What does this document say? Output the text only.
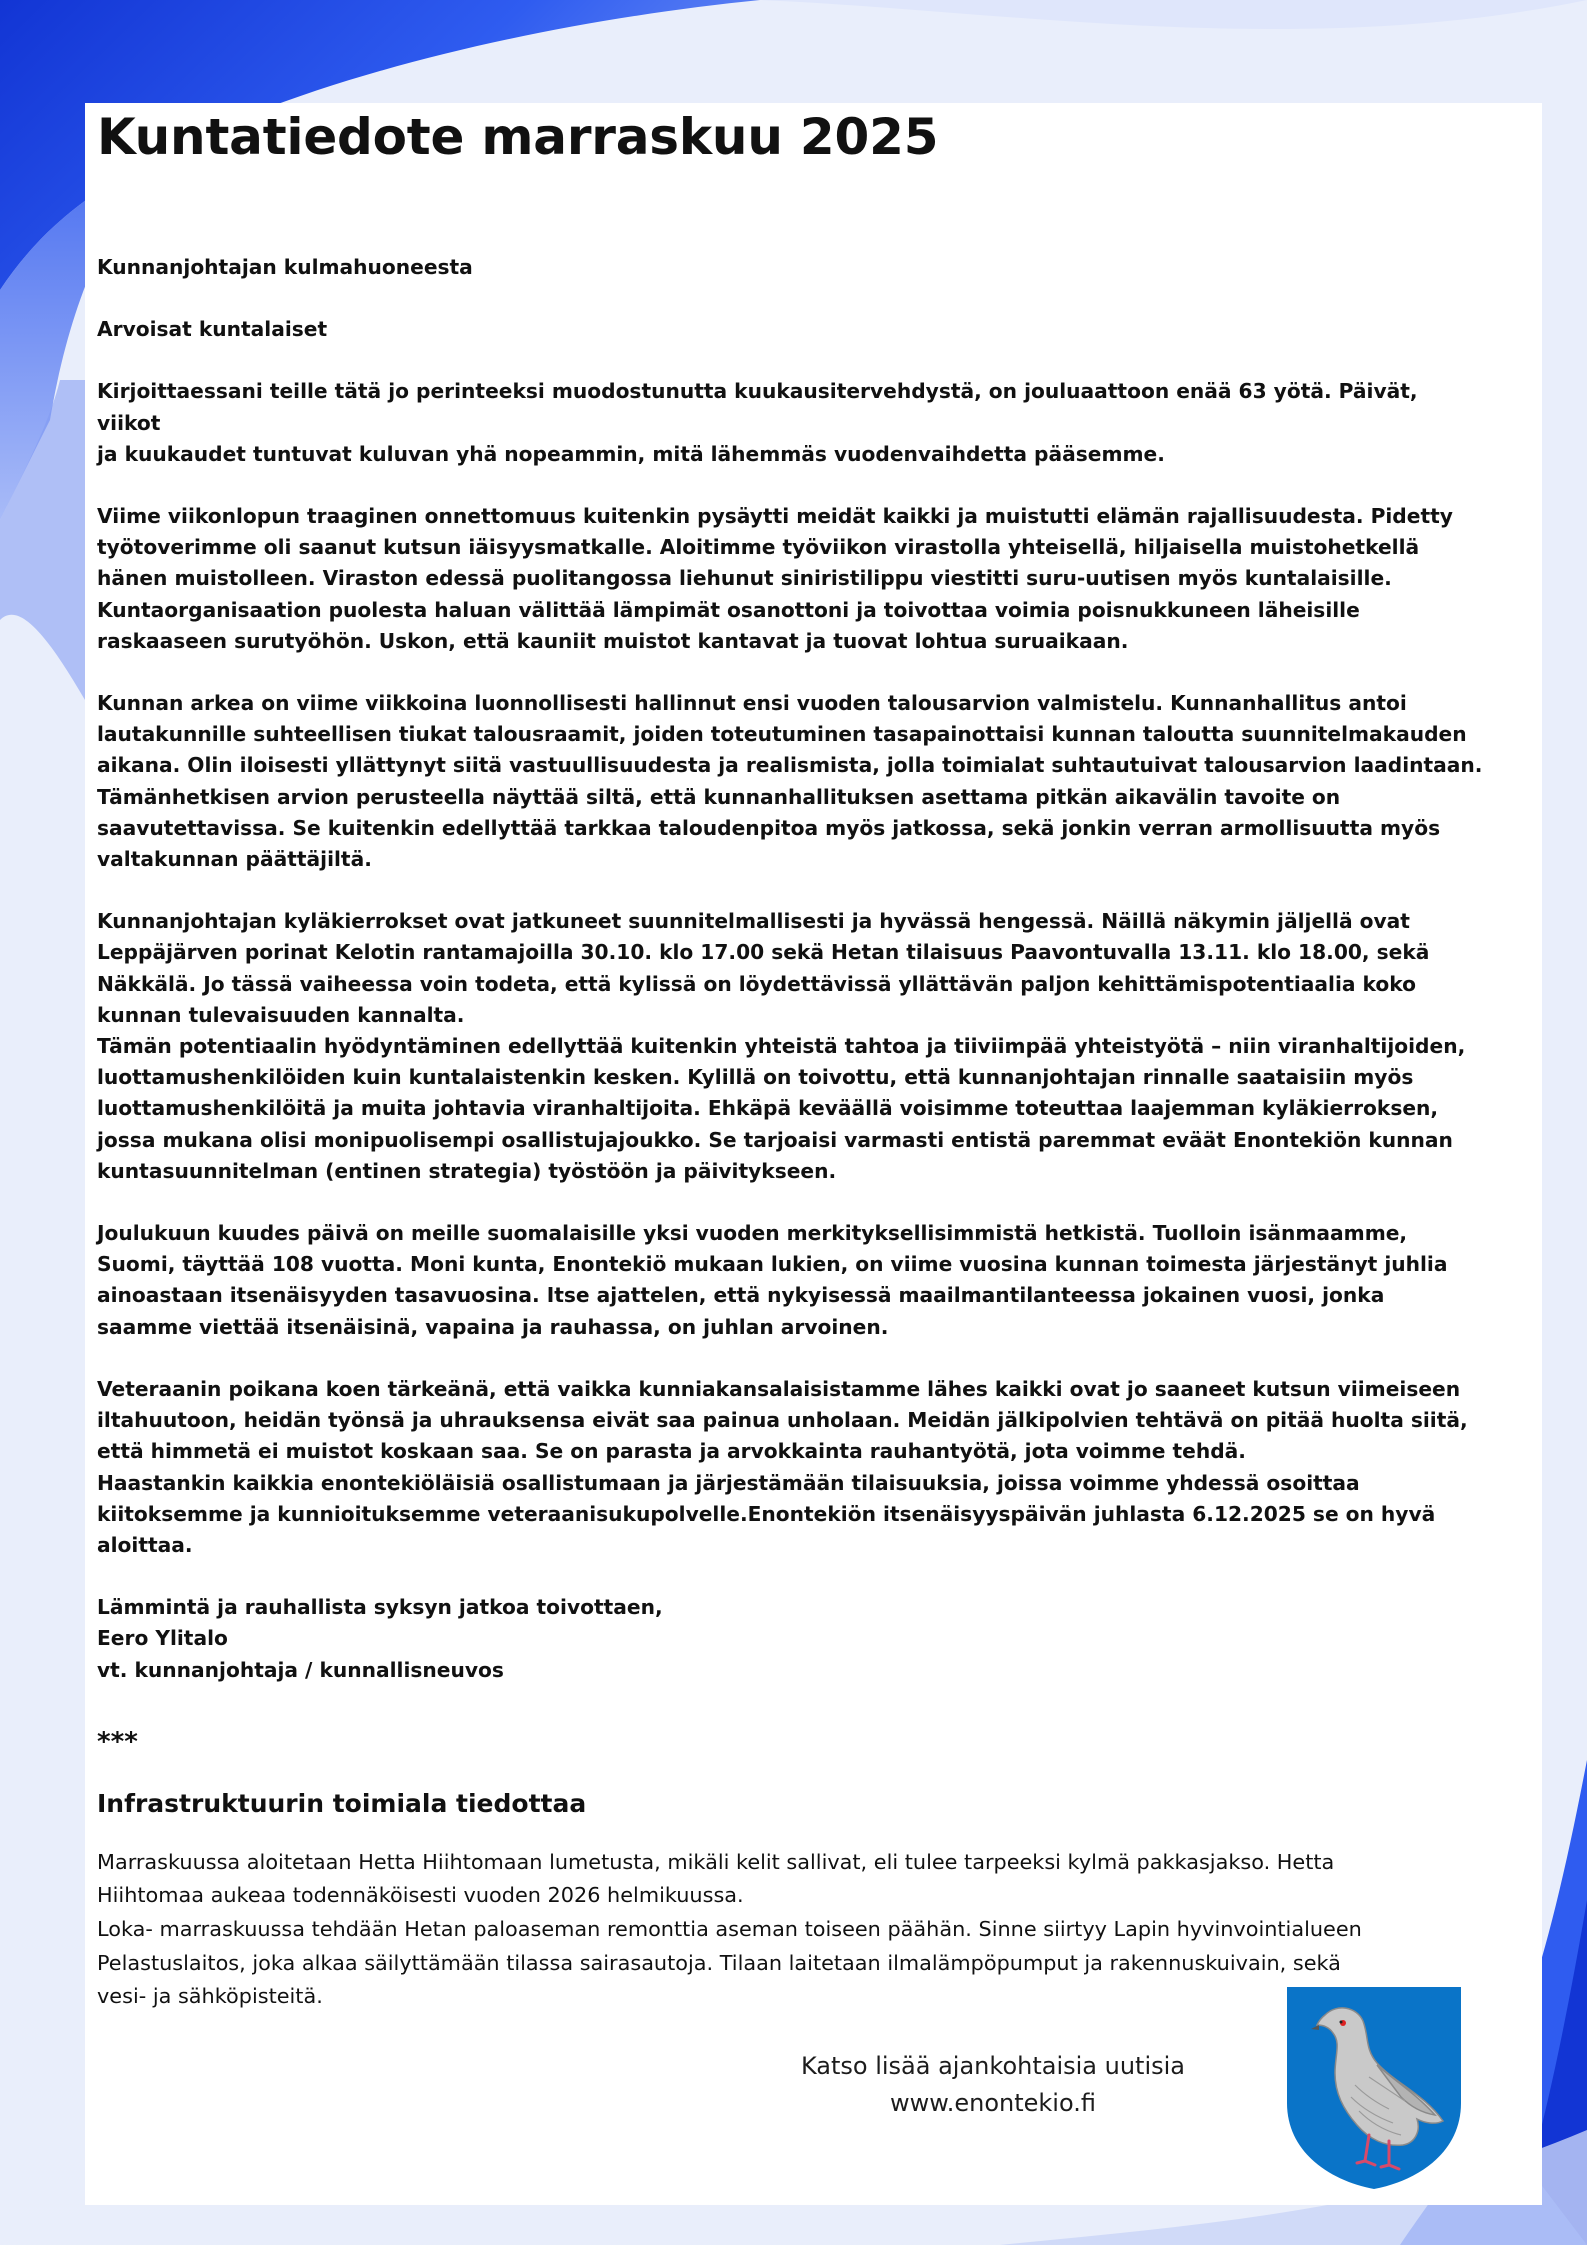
Kuntatiedote marraskuu 2025

Kunnanjohtajan kulmahuoneesta

Arvoisat kuntalaiset

Kirjoittaessani teille tätä jo perinteeksi muodostunutta kuukausitervehdystä, on jouluaattoon enää 63 yötä. Päivät, viikot
ja kuukaudet tuntuvat kuluvan yhä nopeammin, mitä lähemmäs vuodenvaihdetta pääsemme.

Viime viikonlopun traaginen onnettomuus kuitenkin pysäytti meidät kaikki ja muistutti elämän rajallisuudesta. Pidetty
työtoverimme oli saanut kutsun iäisyysmatkalle. Aloitimme työviikon virastolla yhteisellä, hiljaisella muistohetkellä
hänen muistolleen. Viraston edessä puolitangossa liehunut siniristilippu viestitti suru-uutisen myös kuntalaisille.
Kuntaorganisaation puolesta haluan välittää lämpimät osanottoni ja toivottaa voimia poisnukkuneen läheisille
raskaaseen surutyöhön. Uskon, että kauniit muistot kantavat ja tuovat lohtua suruaikaan.

Kunnan arkea on viime viikkoina luonnollisesti hallinnut ensi vuoden talousarvion valmistelu. Kunnanhallitus antoi
lautakunnille suhteellisen tiukat talousraamit, joiden toteutuminen tasapainottaisi kunnan taloutta suunnitelmakauden
aikana. Olin iloisesti yllättynyt siitä vastuullisuudesta ja realismista, jolla toimialat suhtautuivat talousarvion laadintaan.
Tämänhetkisen arvion perusteella näyttää siltä, että kunnanhallituksen asettama pitkän aikavälin tavoite on
saavutettavissa. Se kuitenkin edellyttää tarkkaa taloudenpitoa myös jatkossa, sekä jonkin verran armollisuutta myös
valtakunnan päättäjiltä.

Kunnanjohtajan kyläkierrokset ovat jatkuneet suunnitelmallisesti ja hyvässä hengessä. Näillä näkymin jäljellä ovat
Leppäjärven porinat Kelotin rantamajoilla 30.10. klo 17.00 sekä Hetan tilaisuus Paavontuvalla 13.11. klo 18.00, sekä
Näkkälä. Jo tässä vaiheessa voin todeta, että kylissä on löydettävissä yllättävän paljon kehittämispotentiaalia koko
kunnan tulevaisuuden kannalta.
Tämän potentiaalin hyödyntäminen edellyttää kuitenkin yhteistä tahtoa ja tiiviimpää yhteistyötä – niin viranhaltijoiden,
luottamushenkilöiden kuin kuntalaistenkin kesken. Kylillä on toivottu, että kunnanjohtajan rinnalle saataisiin myös
luottamushenkilöitä ja muita johtavia viranhaltijoita. Ehkäpä keväällä voisimme toteuttaa laajemman kyläkierroksen,
jossa mukana olisi monipuolisempi osallistujajoukko. Se tarjoaisi varmasti entistä paremmat eväät Enontekiön kunnan
kuntasuunnitelman (entinen strategia) työstöön ja päivitykseen.

Joulukuun kuudes päivä on meille suomalaisille yksi vuoden merkityksellisimmistä hetkistä. Tuolloin isänmaamme,
Suomi, täyttää 108 vuotta. Moni kunta, Enontekiö mukaan lukien, on viime vuosina kunnan toimesta järjestänyt juhlia
ainoastaan itsenäisyyden tasavuosina. Itse ajattelen, että nykyisessä maailmantilanteessa jokainen vuosi, jonka
saamme viettää itsenäisinä, vapaina ja rauhassa, on juhlan arvoinen.

Veteraanin poikana koen tärkeänä, että vaikka kunniakansalaisistamme lähes kaikki ovat jo saaneet kutsun viimeiseen
iltahuutoon, heidän työnsä ja uhrauksensa eivät saa painua unholaan. Meidän jälkipolvien tehtävä on pitää huolta siitä,
että himmetä ei muistot koskaan saa. Se on parasta ja arvokkainta rauhantyötä, jota voimme tehdä.
Haastankin kaikkia enontekiöläisiä osallistumaan ja järjestämään tilaisuuksia, joissa voimme yhdessä osoittaa
kiitoksemme ja kunnioituksemme veteraanisukupolvelle.Enontekiön itsenäisyyspäivän juhlasta 6.12.2025 se on hyvä
aloittaa.

Lämmintä ja rauhallista syksyn jatkoa toivottaen,
Eero Ylitalo
vt. kunnanjohtaja / kunnallisneuvos
***
Infrastruktuurin toimiala tiedottaa
Marraskuussa aloitetaan Hetta Hiihtomaan lumetusta, mikäli kelit sallivat, eli tulee tarpeeksi kylmä pakkasjakso. Hetta
Hiihtomaa aukeaa todennäköisesti vuoden 2026 helmikuussa.
Loka- marraskuussa tehdään Hetan paloaseman remonttia aseman toiseen päähän. Sinne siirtyy Lapin hyvinvointialueen
Pelastuslaitos, joka alkaa säilyttämään tilassa sairasautoja. Tilaan laitetaan ilmalämpöpumput ja rakennuskuivain, sekä
vesi- ja sähköpisteitä.
Katso lisää ajankohtaisia uutisia
www.enontekio.fi
